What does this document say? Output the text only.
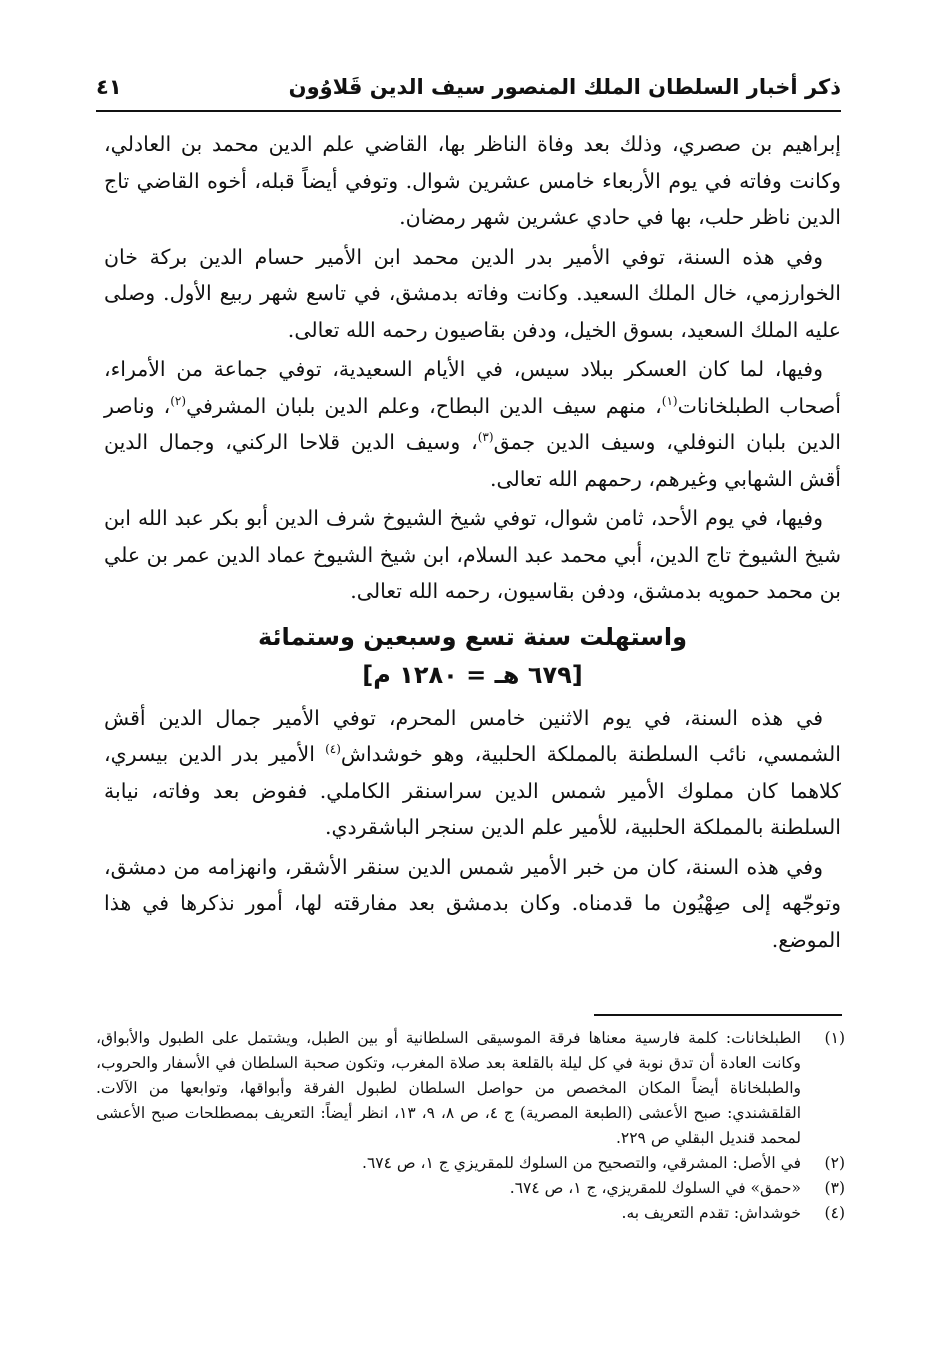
ذكر أخبار السلطان الملك المنصور سيف الدين قَلاوُون
٤١

إبراهيم بن صصري، وذلك بعد وفاة الناظر بها، القاضي علم الدين محمد بن العادلي، وكانت وفاته في يوم الأربعاء خامس عشرين شوال. وتوفي أيضاً قبله، أخوه القاضي تاج الدين ناظر حلب، بها في حادي عشرين شهر رمضان.

وفي هذه السنة، توفي الأمير بدر الدين محمد ابن الأمير حسام الدين بركة خان الخوارزمي، خال الملك السعيد. وكانت وفاته بدمشق، في تاسع شهر ربيع الأول. وصلى عليه الملك السعيد، بسوق الخيل، ودفن بقاصيون رحمه الله تعالى.

وفيها، لما كان العسكر ببلاد سيس، في الأيام السعيدية، توفي جماعة من الأمراء، أصحاب الطبلخانات$^{(١)}$، منهم سيف الدين البطاح، وعلم الدين بلبان المشرفي$^{(٢)}$، وناصر الدين بلبان النوفلي، وسيف الدين جمق$^{(٣)}$، وسيف الدين قلاحا الركني، وجمال الدين أقش الشهابي وغيرهم، رحمهم الله تعالى.

وفيها، في يوم الأحد، ثامن شوال، توفي شيخ الشيوخ شرف الدين أبو بكر عبد الله ابن شيخ الشيوخ تاج الدين، أبي محمد عبد السلام، ابن شيخ الشيوخ عماد الدين عمر بن علي بن محمد حمويه بدمشق، ودفن بقاسيون، رحمه الله تعالى.

واستهلت سنة تسع وسبعين وستمائة

[٦٧٩ هـ = ١٢٨٠ م]

في هذه السنة، في يوم الاثنين خامس المحرم، توفي الأمير جمال الدين أقش الشمسي، نائب السلطنة بالمملكة الحلبية، وهو خوشداش$^{(٤)}$ الأمير بدر الدين بيسري، كلاهما كان مملوك الأمير شمس الدين سراسنقر الكاملي. ففوض بعد وفاته، نيابة السلطنة بالمملكة الحلبية، للأمير علم الدين سنجر الباشقردي.

وفي هذه السنة، كان من خبر الأمير شمس الدين سنقر الأشقر، وانهزامه من دمشق، وتوجّهه إلى صِهْيُون ما قدمناه. وكان بدمشق بعد مفارقته لها، أمور نذكرها في هذا الموضع.

(١)
الطبلخانات: كلمة فارسية معناها فرقة الموسيقى السلطانية أو بين الطبل، ويشتمل على الطبول والأبواق، وكانت العادة أن تدق نوبة في كل ليلة بالقلعة بعد صلاة المغرب، وتكون صحبة السلطان في الأسفار والحروب، والطبلخاناة أيضاً المكان المخصص من حواصل السلطان لطبول الفرقة وأبواقها، وتوابعها من الآلات. القلقشندي: صبح الأعشى (الطبعة المصرية) ج ٤، ص ٨، ٩، ١٣، انظر أيضاً: التعريف بمصطلحات صبح الأعشى لمحمد قنديل البقلي ص ٢٢٩.
(٢)
في الأصل: المشرقي، والتصحيح من السلوك للمقريزي ج ١، ص ٦٧٤.
(٣)
«حمق» في السلوك للمقريزي، ج ١، ص ٦٧٤.
(٤)
خوشداش: تقدم التعريف به.
